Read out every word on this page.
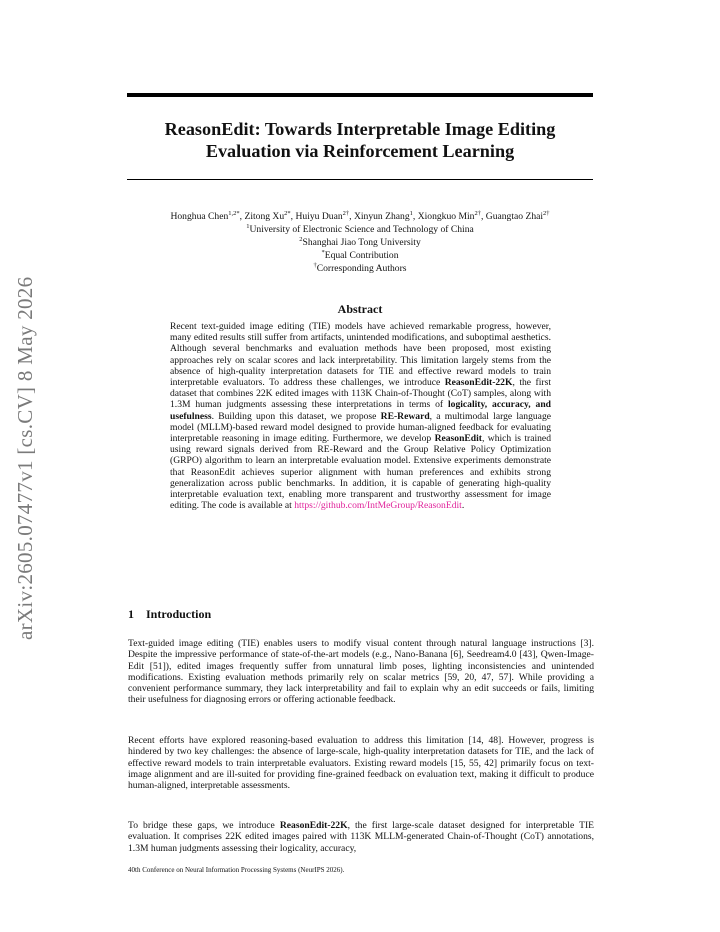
arXiv:2605.07477v1 [cs.CV] 8 May 2026
ReasonEdit: Towards Interpretable Image Editing
Evaluation via Reinforcement Learning
Honghua Chen$^{1,2*}$, Zitong $Xu^{2*}$, Huiyu Duan$^{2\dagger}$, Xinyun Zhang$^1$, Xiongkuo Min$^{2\dagger}$, Guangtao Zhai$^{2\dagger}$
$^1$University of Electronic Science and Technology of China
$^2$Shanghai Jiao Tong University
*Equal Contribution
†Corresponding Authors
Abstract
Recent text-guided image editing (TIE) models have achieved remarkable progress, however, many edited results still suffer from artifacts, unintended modifications, and suboptimal aesthetics. Although several benchmarks and evaluation methods have been proposed, most existing approaches rely on scalar scores and lack interpretability. This limitation largely stems from the absence of high-quality interpretation datasets for TIE and effective reward models to train interpretable evaluators. To address these challenges, we introduce ReasonEdit-22K, the first dataset that combines 22K edited images with 113K Chain-of-Thought (CoT) samples, along with 1.3M human judgments assessing these interpretations in terms of logicality, accuracy, and usefulness. Building upon this dataset, we propose RE-Reward, a multimodal large language model (MLLM)-based reward model designed to provide human-aligned feedback for evaluating interpretable reasoning in image editing. Furthermore, we develop ReasonEdit, which is trained using reward signals derived from RE-Reward and the Group Relative Policy Optimization (GRPO) algorithm to learn an interpretable evaluation model. Extensive experiments demonstrate that ReasonEdit achieves superior alignment with human preferences and exhibits strong generalization across public benchmarks. In addition, it is capable of generating high-quality interpretable evaluation text, enabling more transparent and trustworthy assessment for image editing. The code is available at https://github.com/IntMeGroup/ReasonEdit.
1 Introduction

Text-guided image editing (TIE) enables users to modify visual content through natural language instructions [3]. Despite the impressive performance of state-of-the-art models (e.g., Nano-Banana [6], Seedream4.0 [43], Qwen-Image-Edit [51]), edited images frequently suffer from unnatural limb poses, lighting inconsistencies and unintended modifications. Existing evaluation methods primarily rely on scalar metrics [59, 20, 47, 57]. While providing a convenient performance summary, they lack interpretability and fail to explain why an edit succeeds or fails, limiting their usefulness for diagnosing errors or offering actionable feedback.

Recent efforts have explored reasoning-based evaluation to address this limitation [14, 48]. However, progress is hindered by two key challenges: the absence of large-scale, high-quality interpretation datasets for TIE, and the lack of effective reward models to train interpretable evaluators. Existing reward models [15, 55, 42] primarily focus on text-image alignment and are ill-suited for providing fine-grained feedback on evaluation text, making it difficult to produce human-aligned, interpretable assessments.

To bridge these gaps, we introduce ReasonEdit-22K, the first large-scale dataset designed for interpretable TIE evaluation. It comprises 22K edited images paired with 113K MLLM-generated Chain-of-Thought (CoT) annotations, 1.3M human judgments assessing their logicality, accuracy,

40th Conference on Neural Information Processing Systems (NeurIPS 2026).
